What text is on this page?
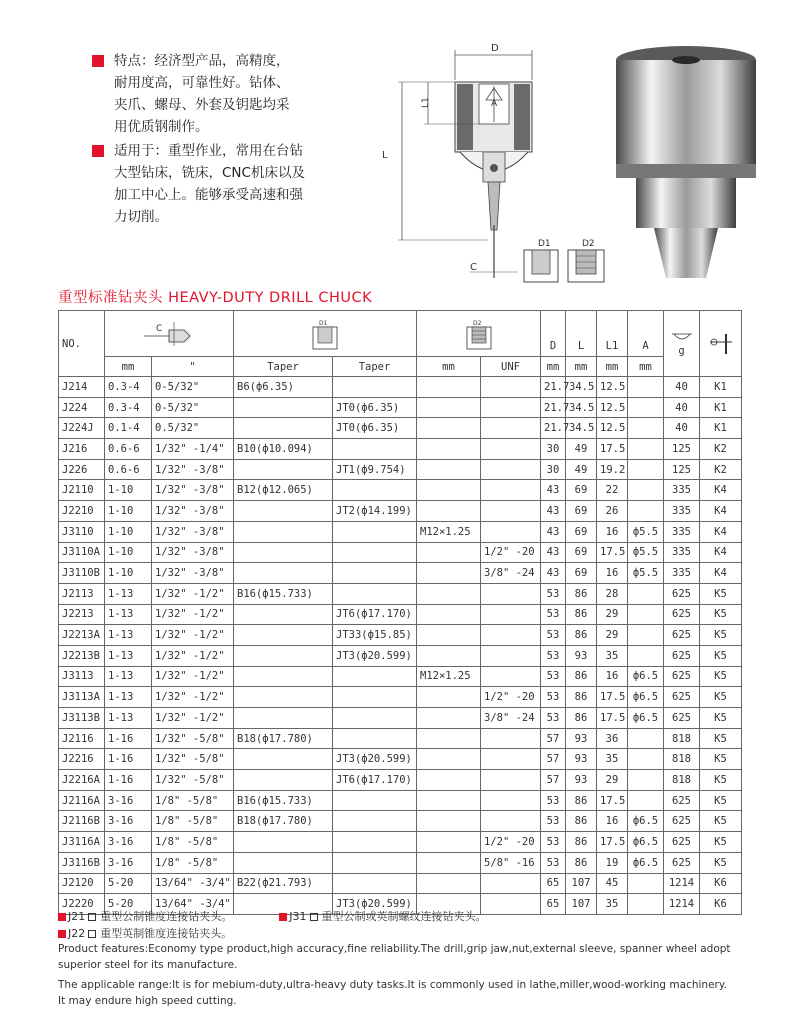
特点：经济型产品，高精度，
耐用度高，可靠性好。钻体、
夹爪、螺母、外套及钥匙均采
用优质钢制作。
适用于：重型作业，常用在台钻
大型钻床，铣床，CNC机床以及
加工中心上。能够承受高速和强
力切削。
D
A
L
L1
C
D1	D2
重型标准钻夹头 HEAVY-DUTY DRILL CHUCK
NO.	C		D1		D2		D	L	L1	A	g

	mm	"	Taper	Taper	mm	UNF	mm	mm	mm	mm		
J214	0.3-4	0-5/32"	B6(ф6.35)				21.7	34.5	12.5		40	K1
J224	0.3-4	0-5/32"		JT0(ф6.35)			21.7	34.5	12.5		40	K1
J224J	0.1-4	0.5/32"		JT0(ф6.35)			21.7	34.5	12.5		40	K1
J216	0.6-6	1/32" -1/4"	B10(ф10.094)				30	49	17.5		125	K2
J226	0.6-6	1/32" -3/8"		JT1(ф9.754)			30	49	19.2		125	K2
J2110	1-10	1/32" -3/8"	B12(ф12.065)				43	69	22		335	K4
J2210	1-10	1/32" -3/8"		JT2(ф14.199)			43	69	26		335	K4
J3110	1-10	1/32" -3/8"			M12×1.25		43	69	16	ф5.5	335	K4
J3110A	1-10	1/32" -3/8"				1/2" -20	43	69	17.5	ф5.5	335	K4
J3110B	1-10	1/32" -3/8"				3/8" -24	43	69	16	ф5.5	335	K4
J2113	1-13	1/32" -1/2"	B16(ф15.733)				53	86	28		625	K5
J2213	1-13	1/32" -1/2"		JT6(ф17.170)			53	86	29		625	K5
J2213A	1-13	1/32" -1/2"		JT33(ф15.85)			53	86	29		625	K5
J2213B	1-13	1/32" -1/2"		JT3(ф20.599)			53	93	35		625	K5
J3113	1-13	1/32" -1/2"			M12×1.25		53	86	16	ф6.5	625	K5
J3113A	1-13	1/32" -1/2"				1/2" -20	53	86	17.5	ф6.5	625	K5
J3113B	1-13	1/32" -1/2"				3/8" -24	53	86	17.5	ф6.5	625	K5
J2116	1-16	1/32" -5/8"	B18(ф17.780)				57	93	36		818	K5
J2216	1-16	1/32" -5/8"		JT3(ф20.599)			57	93	35		818	K5
J2216A	1-16	1/32" -5/8"		JT6(ф17.170)			57	93	29		818	K5
J2116A	3-16	1/8" -5/8"	B16(ф15.733)				53	86	17.5		625	K5
J2116B	3-16	1/8" -5/8"	B18(ф17.780)				53	86	16	ф6.5	625	K5
J3116A	3-16	1/8" -5/8"				1/2" -20	53	86	17.5	ф6.5	625	K5
J3116B	3-16	1/8" -5/8"				5/8" -16	53	86	19	ф6.5	625	K5
J2120	5-20	13/64" -3/4"	B22(ф21.793)				65	107	45		1214	K6
J2220	5-20	13/64" -3/4"		JT3(ф20.599)			65	107	35		1214	K6
J21 重型公制锥度连接钻夹头。	J31 重型公制或英制螺纹连接钻夹头。
J22 重型英制锥度连接钻夹头。
Product features:Economy type product,high accuracy,fine reliability.The drill,grip jaw,nut,external sleeve, spanner wheel adopt
superior steel for its manufacture.
The applicable range:It is for mebium-duty,ultra-heavy duty tasks.It is commonly used in lathe,miller,wood-working machinery.
It may endure high speed cutting.
